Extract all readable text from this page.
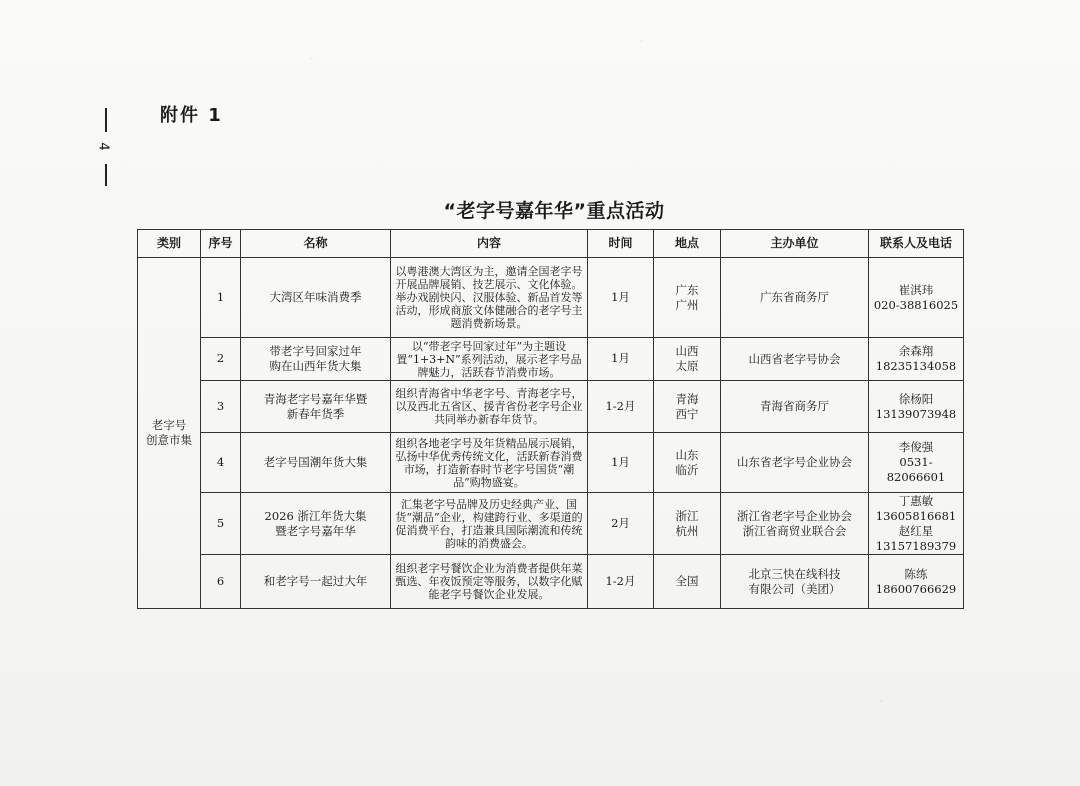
附件 1
4
“老字号嘉年华”重点活动
类别	序号	名称	内容	时间	地点	主办单位	联系人及电话

老字号
创意市集	1	大湾区年味消费季	以粤港澳大湾区为主，邀请全国老字号开展品牌展销、技艺展示、文化体验。举办戏剧快闪、汉服体验、新品首发等活动，形成商旅文体健融合的老字号主题消费新场景。	1月	广东
广州	广东省商务厅	崔淇玮
020-38816025

	2	带老字号回家过年
购在山西年货大集	以“带老字号回家过年”为主题设置“1+3+N”系列活动，展示老字号品牌魅力，活跃春节消费市场。	1月	山西
太原	山西省老字号协会	余森翔
18235134058

	3	青海老字号嘉年华暨
新春年货季	组织青海省中华老字号、青海老字号，以及西北五省区、援青省份老字号企业共同举办新春年货节。	1-2月	青海
西宁	青海省商务厅	徐杨阳
13139073948

	4	老字号国潮年货大集	组织各地老字号及年货精品展示展销，弘扬中华优秀传统文化，活跃新春消费市场，打造新春时节老字号国货“潮品”购物盛宴。	1月	山东
临沂	山东省老字号企业协会	李俊强
0531-82066601

	5	2026 浙江年货大集
暨老字号嘉年华	汇集老字号品牌及历史经典产业、国货“潮品”企业，构建跨行业、多渠道的促消费平台，打造兼具国际潮流和传统韵味的消费盛会。	2月	浙江
杭州	浙江省老字号企业协会
浙江省商贸业联合会	丁惠敏
13605816681
赵红星
13157189379

	6	和老字号一起过大年	组织老字号餐饮企业为消费者提供年菜甄选、年夜饭预定等服务，以数字化赋能老字号餐饮企业发展。	1-2月	全国	北京三快在线科技
有限公司（美团）	陈练
18600766629
